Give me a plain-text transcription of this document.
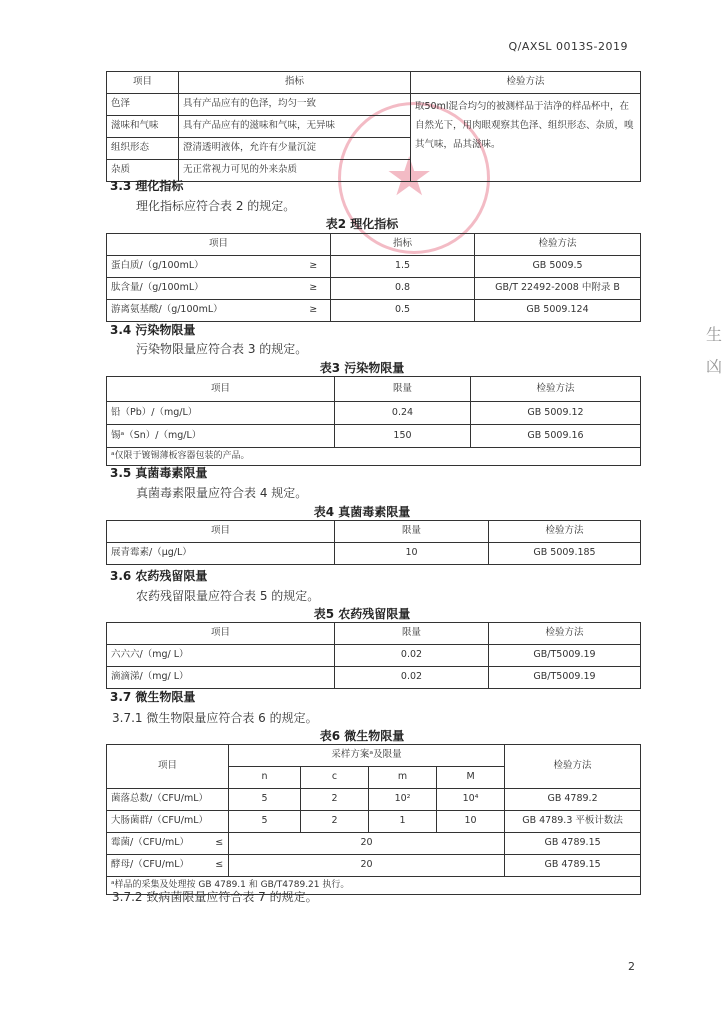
Q/AXSL 0013S-2019
★
生
凶
项目	指标	检验方法
色泽	具有产品应有的色泽，均匀一致	取50ml混合均匀的被测样品于洁净的样品杯中，在自然光下，用肉眼观察其色泽、组织形态、杂质，嗅其气味，品其滋味。
滋味和气味	具有产品应有的滋味和气味，无异味	
组织形态	澄清透明液体，允许有少量沉淀	
杂质	无正常视力可见的外来杂质	
3.3 理化指标
理化指标应符合表 2 的规定。
表2 理化指标
项目		指标	检验方法
蛋白质/（g/100mL）	≥	1.5	GB 5009.5
肽含量/（g/100mL）	≥	0.8	GB/T 22492-2008 中附录 B
游离氨基酸/（g/100mL）	≥	0.5	GB 5009.124
3.4 污染物限量
污染物限量应符合表 3 的规定。
表3 污染物限量
项目	限量	检验方法
铅（Pb）/（mg/L）	0.24	GB 5009.12
锡ᵃ（Sn）/（mg/L）	150	GB 5009.16
ᵃ仅限于镀锡薄板容器包装的产品。		
3.5 真菌毒素限量
真菌毒素限量应符合表 4 规定。
表4 真菌毒素限量
项目	限量	检验方法
展青霉素/（μg/L）	10	GB 5009.185
3.6 农药残留限量
农药残留限量应符合表 5 的规定。
表5 农药残留限量
项目	限量	检验方法
六六六/（mg/ L）	0.02	GB/T5009.19
滴滴涕/（mg/ L）	0.02	GB/T5009.19
3.7 微生物限量
3.7.1 微生物限量应符合表 6 的规定。
表6 微生物限量
项目		采样方案ᵃ及限量				检验方法
		n	c	m	M	
菌落总数/（CFU/mL）		5	2	10²	10⁴	GB 4789.2
大肠菌群/（CFU/mL）		5	2	1	10	GB 4789.3 平板计数法
霉菌/（CFU/mL）	≤	20				GB 4789.15
酵母/（CFU/mL）	≤	20				GB 4789.15
ᵃ样品的采集及处理按 GB 4789.1 和 GB/T4789.21 执行。						
3.7.2 致病菌限量应符合表 7 的规定。
2
